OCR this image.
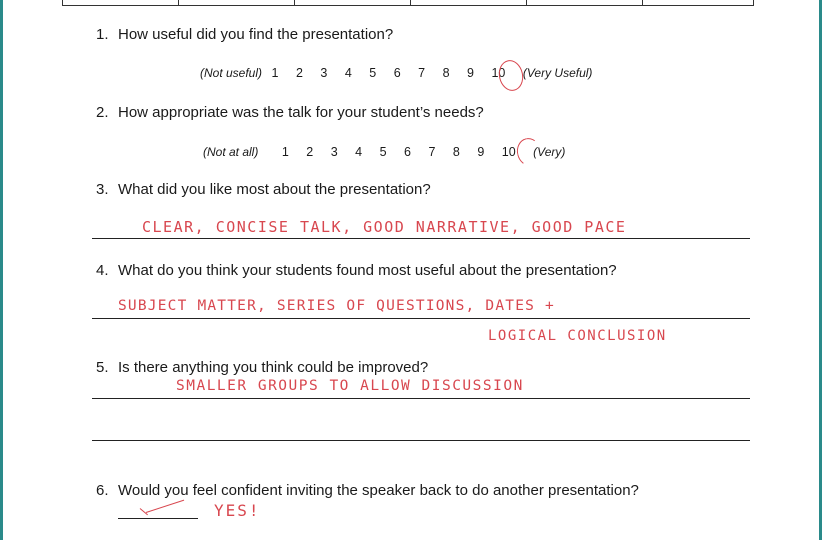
1. How useful did you find the presentation?
(Not useful) 1 2 3 4 5 6 7 8 9 10 (Very Useful)
2. How appropriate was the talk for your student’s needs?
(Not at all) 1 2 3 4 5 6 7 8 9 10 (Very)
3. What did you like most about the presentation?
CLEAR, CONCISE TALK, GOOD NARRATIVE, GOOD PACE
4. What do you think your students found most useful about the presentation?
SUBJECT MATTER, SERIES OF QUESTIONS, DATES +
LOGICAL CONCLUSION
5. Is there anything you think could be improved?
SMALLER GROUPS TO ALLOW DISCUSSION
6. Would you feel confident inviting the speaker back to do another presentation?
YES!
